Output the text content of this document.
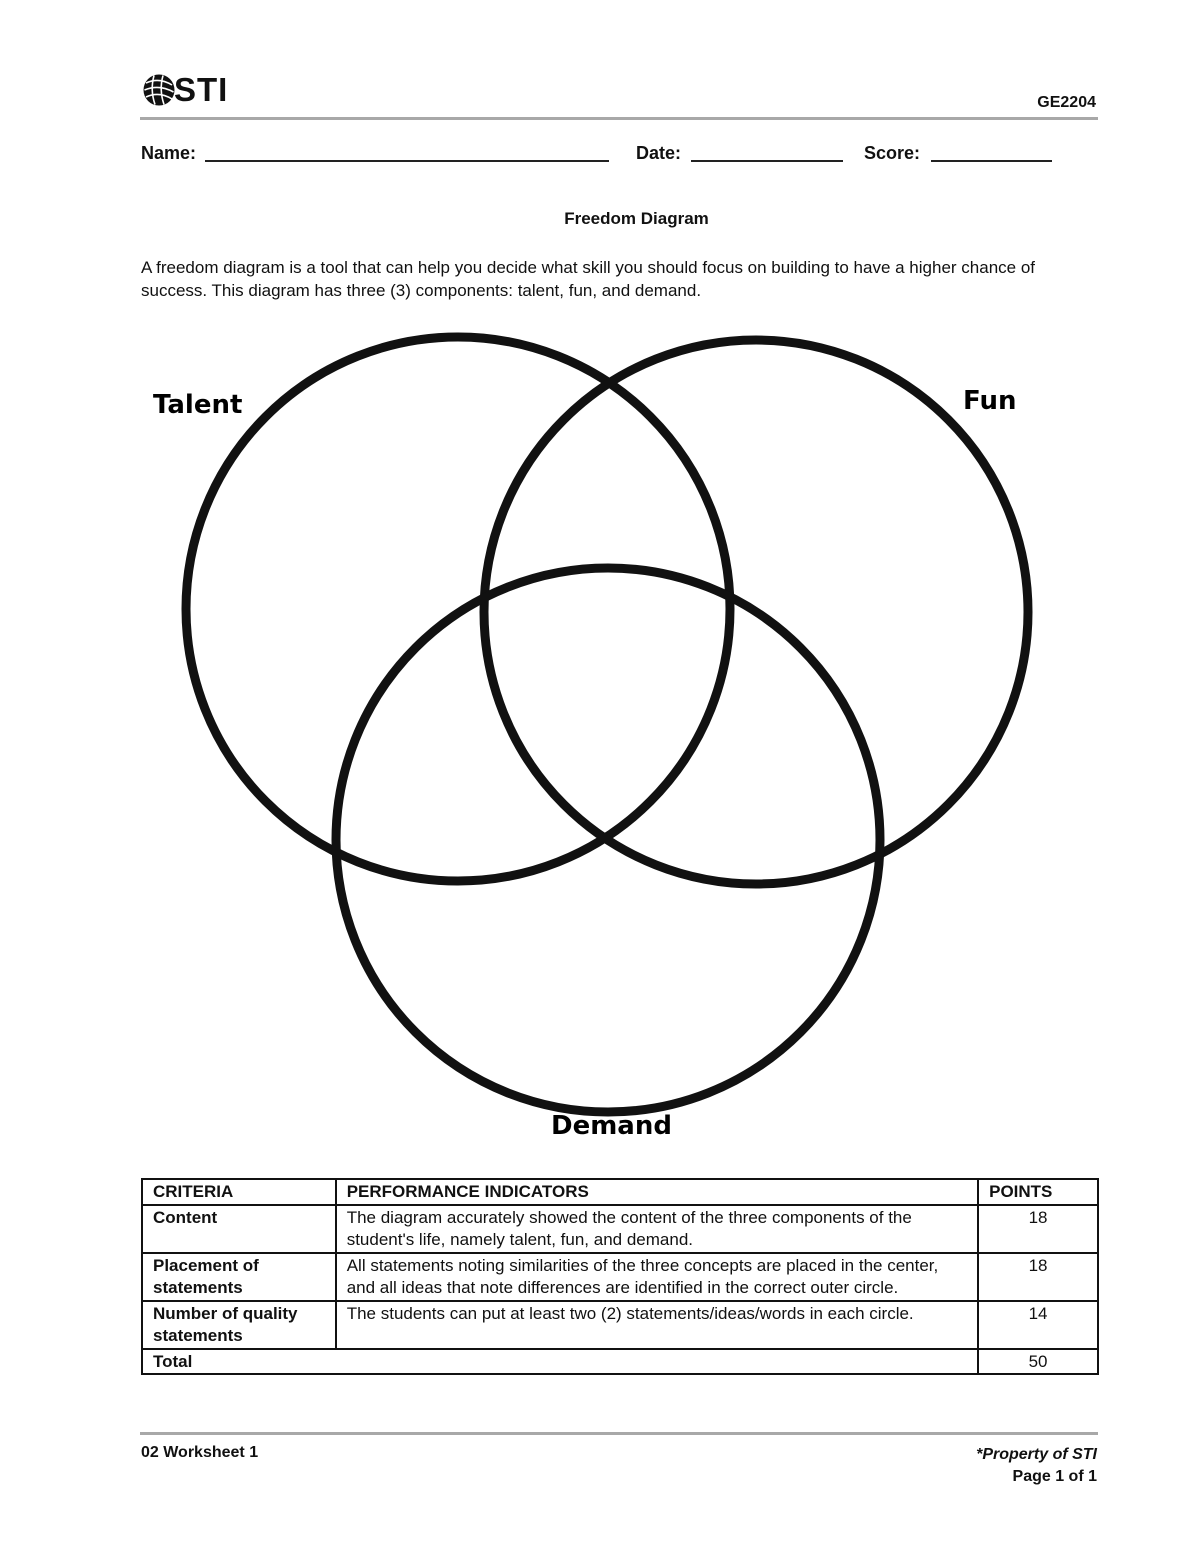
STI	GE2204
Name:	Date:	Score:
Freedom Diagram
A freedom diagram is a tool that can help you decide what skill you should focus on building to have a higher chance of success. This diagram has three (3) components: talent, fun, and demand.
Talent	Fun
Demand
CRITERIA	PERFORMANCE INDICATORS	POINTS
Content	The diagram accurately showed the content of the three components of the student's life, namely talent, fun, and demand.	18
Placement of statements	All statements noting similarities of the three concepts are placed in the center, and all ideas that note differences are identified in the correct outer circle.	18
Number of quality statements	The students can put at least two (2) statements/ideas/words in each circle.	14
Total		50
02 Worksheet 1	*Property of STI
Page 1 of 1
